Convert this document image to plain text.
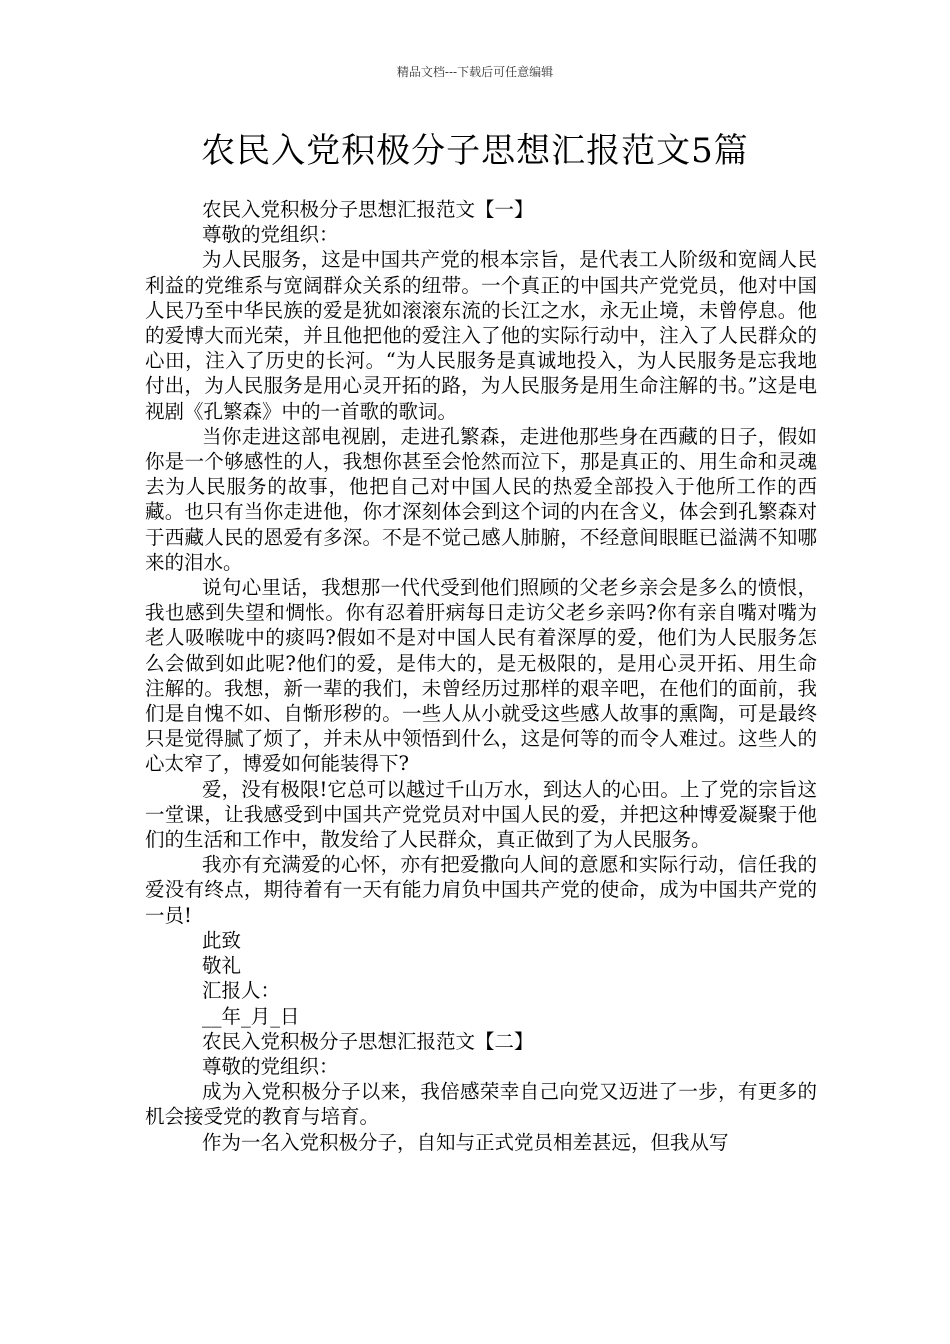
精品文档---下载后可任意编辑
农民入党积极分子思想汇报范文5篇

农民入党积极分子思想汇报范文【一】

尊敬的党组织：

为人民服务，这是中国共产党的根本宗旨，是代表工人阶级和宽阔人民利益的党维系与宽阔群众关系的纽带。一个真正的中国共产党党员，他对中国人民乃至中华民族的爱是犹如滚滚东流的长江之水，永无止境，未曾停息。他的爱博大而光荣，并且他把他的爱注入了他的实际行动中，注入了人民群众的心田，注入了历史的长河。“为人民服务是真诚地投入，为人民服务是忘我地付出，为人民服务是用心灵开拓的路，为人民服务是用生命注解的书。”这是电视剧《孔繁森》中的一首歌的歌词。

当你走进这部电视剧，走进孔繁森，走进他那些身在西藏的日子，假如你是一个够感性的人，我想你甚至会怆然而泣下，那是真正的、用生命和灵魂去为人民服务的故事，他把自己对中国人民的热爱全部投入于他所工作的西藏。也只有当你走进他，你才深刻体会到这个词的内在含义，体会到孔繁森对于西藏人民的恩爱有多深。不是不觉己感人肺腑，不经意间眼眶已溢满不知哪来的泪水。

说句心里话，我想那一代代受到他们照顾的父老乡亲会是多么的愤恨，我也感到失望和惆怅。你有忍着肝病每日走访父老乡亲吗?你有亲自嘴对嘴为老人吸喉咙中的痰吗?假如不是对中国人民有着深厚的爱，他们为人民服务怎么会做到如此呢?他们的爱，是伟大的，是无极限的，是用心灵开拓、用生命注解的。我想，新一辈的我们，未曾经历过那样的艰辛吧，在他们的面前，我们是自愧不如、自惭形秽的。一些人从小就受这些感人故事的熏陶，可是最终只是觉得腻了烦了，并未从中领悟到什么，这是何等的而令人难过。这些人的心太窄了，博爱如何能装得下?

爱，没有极限!它总可以越过千山万水，到达人的心田。上了党的宗旨这一堂课，让我感受到中国共产党党员对中国人民的爱，并把这种博爱凝聚于他们的生活和工作中，散发给了人民群众，真正做到了为人民服务。

我亦有充满爱的心怀，亦有把爱撒向人间的意愿和实际行动，信任我的爱没有终点，期待着有一天有能力肩负中国共产党的使命，成为中国共产党的一员!

此致

敬礼

汇报人：

__年_月_日

农民入党积极分子思想汇报范文【二】

尊敬的党组织：

成为入党积极分子以来，我倍感荣幸自己向党又迈进了一步，有更多的机会接受党的教育与培育。

作为一名入党积极分子，自知与正式党员相差甚远，但我从写
